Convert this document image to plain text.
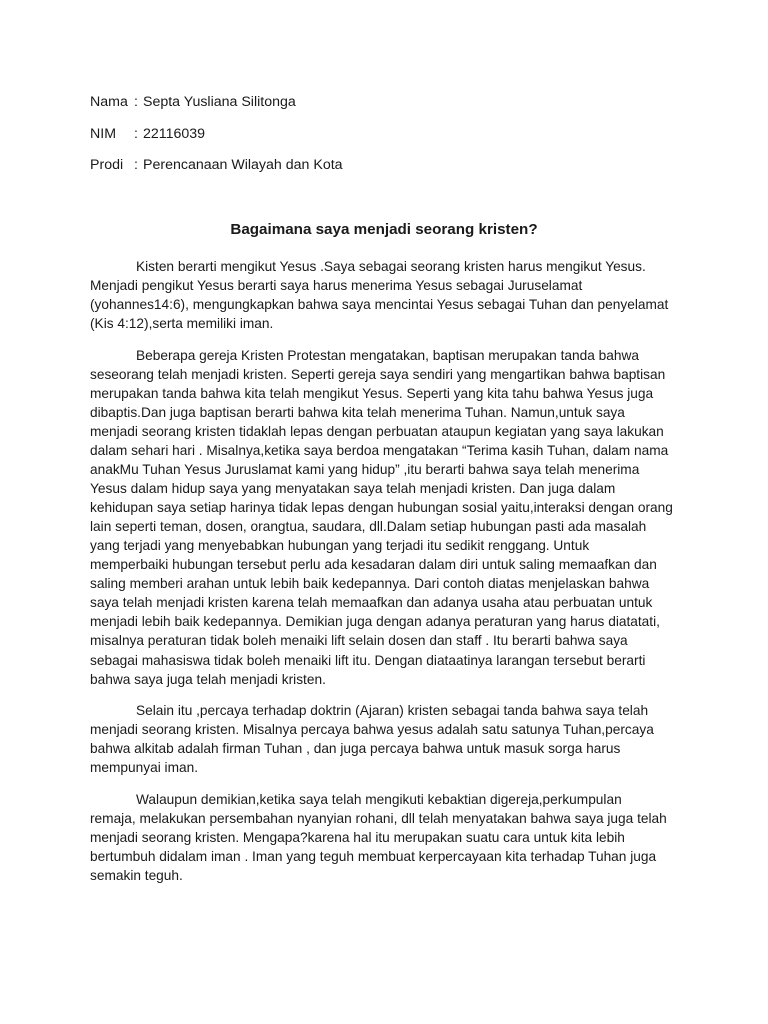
Nama : Septa Yusliana Silitonga
NIM	: 22116039
Prodi : Perencanaan Wilayah dan Kota
Bagaimana saya menjadi seorang kristen?
Kisten berarti mengikut Yesus .Saya sebagai seorang kristen harus mengikut Yesus.
Menjadi pengikut Yesus berarti saya harus menerima Yesus sebagai Juruselamat
(yohannes14:6), mengungkapkan bahwa saya mencintai Yesus sebagai Tuhan dan penyelamat
(Kis 4:12),serta memiliki iman.
Beberapa gereja Kristen Protestan mengatakan, baptisan merupakan tanda bahwa
seseorang telah menjadi kristen. Seperti gereja saya sendiri yang mengartikan bahwa baptisan
merupakan tanda bahwa kita telah mengikut Yesus. Seperti yang kita tahu bahwa Yesus juga
dibaptis.Dan juga baptisan berarti bahwa kita telah menerima Tuhan. Namun,untuk saya
menjadi seorang kristen tidaklah lepas dengan perbuatan ataupun kegiatan yang saya lakukan
dalam sehari hari . Misalnya,ketika saya berdoa mengatakan “Terima kasih Tuhan, dalam nama
anakMu Tuhan Yesus Juruslamat kami yang hidup” ,itu berarti bahwa saya telah menerima
Yesus dalam hidup saya yang menyatakan saya telah menjadi kristen. Dan juga dalam
kehidupan saya setiap harinya tidak lepas dengan hubungan sosial yaitu,interaksi dengan orang
lain seperti teman, dosen, orangtua, saudara, dll.Dalam setiap hubungan pasti ada masalah
yang terjadi yang menyebabkan hubungan yang terjadi itu sedikit renggang. Untuk
memperbaiki hubungan tersebut perlu ada kesadaran dalam diri untuk saling memaafkan dan
saling memberi arahan untuk lebih baik kedepannya. Dari contoh diatas menjelaskan bahwa
saya telah menjadi kristen karena telah memaafkan dan adanya usaha atau perbuatan untuk
menjadi lebih baik kedepannya. Demikian juga dengan adanya peraturan yang harus diatatati,
misalnya peraturan tidak boleh menaiki lift selain dosen dan staff . Itu berarti bahwa saya
sebagai mahasiswa tidak boleh menaiki lift itu. Dengan diataatinya larangan tersebut berarti
bahwa saya juga telah menjadi kristen.
Selain itu ,percaya terhadap doktrin (Ajaran) kristen sebagai tanda bahwa saya telah
menjadi seorang kristen. Misalnya percaya bahwa yesus adalah satu satunya Tuhan,percaya
bahwa alkitab adalah firman Tuhan , dan juga percaya bahwa untuk masuk sorga harus
mempunyai iman.
Walaupun demikian,ketika saya telah mengikuti kebaktian digereja,perkumpulan
remaja, melakukan persembahan nyanyian rohani, dll telah menyatakan bahwa saya juga telah
menjadi seorang kristen. Mengapa?karena hal itu merupakan suatu cara untuk kita lebih
bertumbuh didalam iman . Iman yang teguh membuat kerpercayaan kita terhadap Tuhan juga
semakin teguh.
